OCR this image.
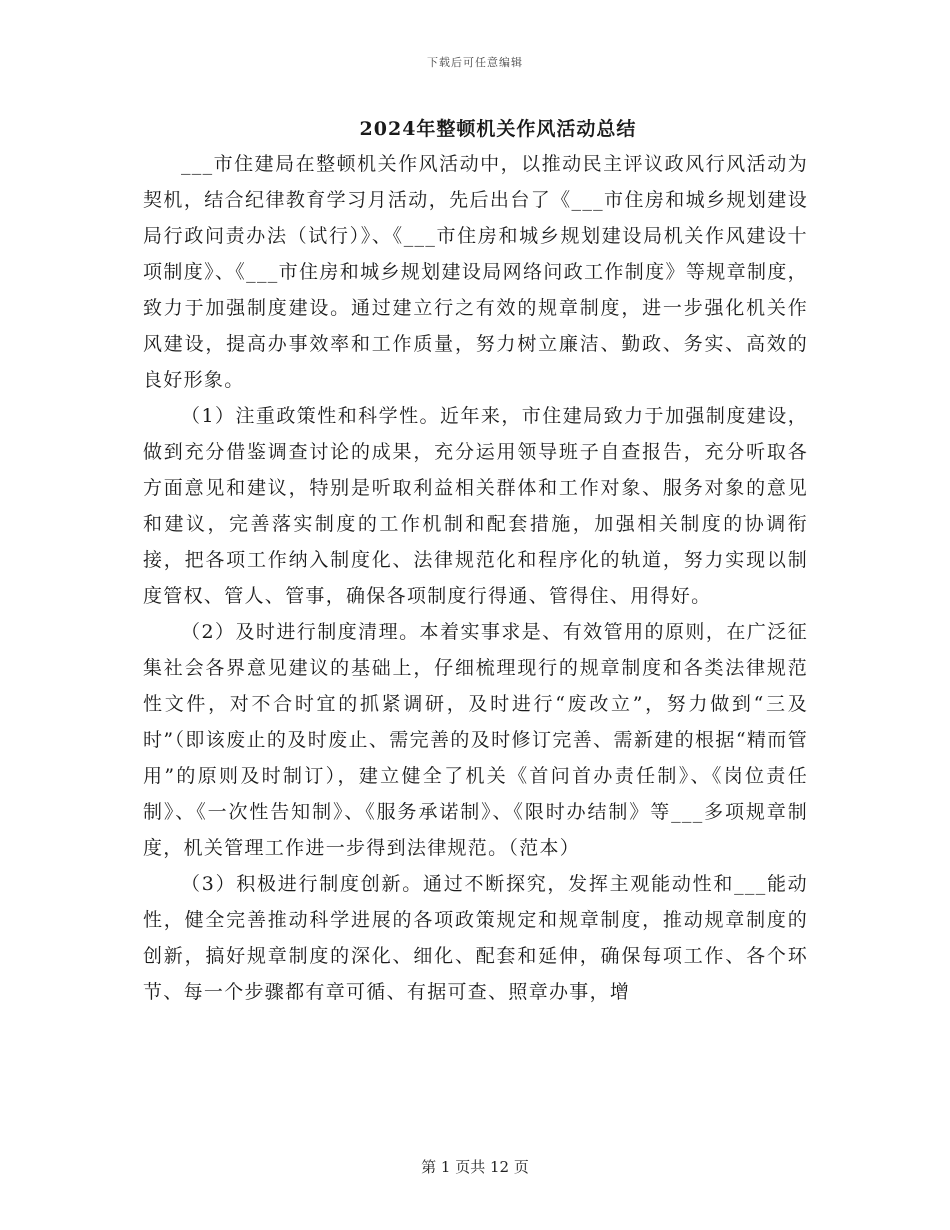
下载后可任意编辑
2024年整顿机关作风活动总结

___市住建局在整顿机关作风活动中，以推动民主评议政风行风活动为契机，结合纪律教育学习月活动，先后出台了《___市住房和城乡规划建设局行政问责办法（试行）》、《___市住房和城乡规划建设局机关作风建设十项制度》、《___市住房和城乡规划建设局网络问政工作制度》等规章制度，致力于加强制度建设。通过建立行之有效的规章制度，进一步强化机关作风建设，提高办事效率和工作质量，努力树立廉洁、勤政、务实、高效的良好形象。

（1）注重政策性和科学性。近年来，市住建局致力于加强制度建设，做到充分借鉴调查讨论的成果，充分运用领导班子自查报告，充分听取各方面意见和建议，特别是听取利益相关群体和工作对象、服务对象的意见和建议，完善落实制度的工作机制和配套措施，加强相关制度的协调衔接，把各项工作纳入制度化、法律规范化和程序化的轨道，努力实现以制度管权、管人、管事，确保各项制度行得通、管得住、用得好。

（2）及时进行制度清理。本着实事求是、有效管用的原则，在广泛征集社会各界意见建议的基础上，仔细梳理现行的规章制度和各类法律规范性文件，对不合时宜的抓紧调研，及时进行“废改立”，努力做到“三及时”（即该废止的及时废止、需完善的及时修订完善、需新建的根据“精而管用”的原则及时制订），建立健全了机关《首问首办责任制》、《岗位责任制》、《一次性告知制》、《服务承诺制》、《限时办结制》等___多项规章制度，机关管理工作进一步得到法律规范。（范本）

（3）积极进行制度创新。通过不断探究，发挥主观能动性和___能动性，健全完善推动科学进展的各项政策规定和规章制度，推动规章制度的创新，搞好规章制度的深化、细化、配套和延伸，确保每项工作、各个环节、每一个步骤都有章可循、有据可查、照章办事，增

第 1 页共 12 页
